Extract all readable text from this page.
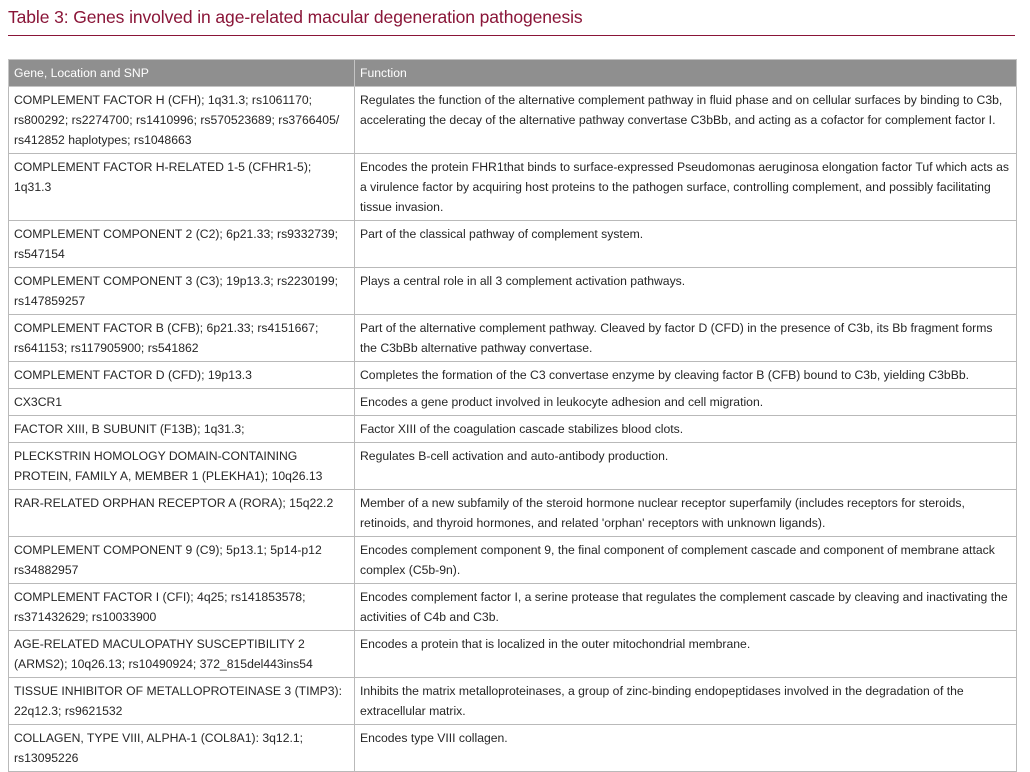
Table 3: Genes involved in age-related macular degeneration pathogenesis
Gene, Location and SNP	Function
COMPLEMENT FACTOR H (CFH); 1q31.3; rs1061170; rs800292; rs2274700; rs1410996; rs570523689; rs3766405/ rs412852 haplotypes; rs1048663	Regulates the function of the alternative complement pathway in fluid phase and on cellular surfaces by binding to C3b, accelerating the decay of the alternative pathway convertase C3bBb, and acting as a cofactor for complement factor I.
COMPLEMENT FACTOR H-RELATED 1-5 (CFHR1-5); 1q31.3	Encodes the protein FHR1that binds to surface-expressed Pseudomonas aeruginosa elongation factor Tuf which acts as a virulence factor by acquiring host proteins to the pathogen surface, controlling complement, and possibly facilitating tissue invasion.
COMPLEMENT COMPONENT 2 (C2); 6p21.33; rs9332739; rs547154	Part of the classical pathway of complement system.
COMPLEMENT COMPONENT 3 (C3); 19p13.3; rs2230199; rs147859257	Plays a central role in all 3 complement activation pathways.
COMPLEMENT FACTOR B (CFB); 6p21.33; rs4151667; rs641153; rs117905900; rs541862	Part of the alternative complement pathway. Cleaved by factor D (CFD) in the presence of C3b, its Bb fragment forms the C3bBb alternative pathway convertase.
COMPLEMENT FACTOR D (CFD); 19p13.3	Completes the formation of the C3 convertase enzyme by cleaving factor B (CFB) bound to C3b, yielding C3bBb.
CX3CR1	Encodes a gene product involved in leukocyte adhesion and cell migration.
FACTOR XIII, B SUBUNIT (F13B); 1q31.3;	Factor XIII of the coagulation cascade stabilizes blood clots.
PLECKSTRIN HOMOLOGY DOMAIN-CONTAINING PROTEIN, FAMILY A, MEMBER 1 (PLEKHA1); 10q26.13	Regulates B-cell activation and auto-antibody production.
RAR-RELATED ORPHAN RECEPTOR A (RORA); 15q22.2	Member of a new subfamily of the steroid hormone nuclear receptor superfamily (includes receptors for steroids, retinoids, and thyroid hormones, and related 'orphan' receptors with unknown ligands).
COMPLEMENT COMPONENT 9 (C9); 5p13.1; 5p14-p12 rs34882957	Encodes complement component 9, the final component of complement cascade and component of membrane attack complex (C5b-9n).
COMPLEMENT FACTOR I (CFI); 4q25; rs141853578; rs371432629; rs10033900	Encodes complement factor I, a serine protease that regulates the complement cascade by cleaving and inactivating the activities of C4b and C3b.
AGE-RELATED MACULOPATHY SUSCEPTIBILITY 2 (ARMS2); 10q26.13; rs10490924; 372_815del443ins54	Encodes a protein that is localized in the outer mitochondrial membrane.
TISSUE INHIBITOR OF METALLOPROTEINASE 3 (TIMP3): 22q12.3; rs9621532	Inhibits the matrix metalloproteinases, a group of zinc-binding endopeptidases involved in the degradation of the extracellular matrix.
COLLAGEN, TYPE VIII, ALPHA-1 (COL8A1): 3q12.1; rs13095226	Encodes type VIII collagen.
